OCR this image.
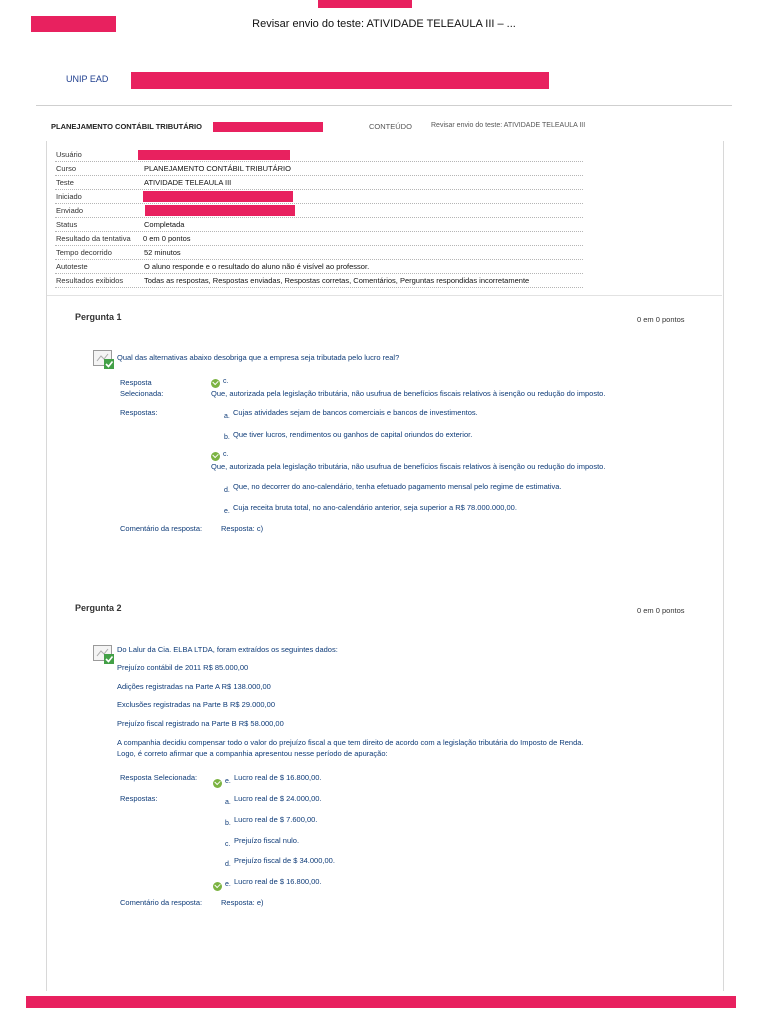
Revisar envio do teste: ATIVIDADE TELEAULA III – ...
UNIP EAD
PLANEJAMENTO CONTÁBIL TRIBUTÁRIO	CONTEÚDO	Revisar envio do teste: ATIVIDADE TELEAULA III
Usuário
Curso	PLANEJAMENTO CONTÁBIL TRIBUTÁRIO
Teste	ATIVIDADE TELEAULA III
Iniciado
Enviado
Status	Completada
Resultado da tentativa 0 em 0 pontos
Tempo decorrido	52 minutos
Autoteste	O aluno responde e o resultado do aluno não é visível ao professor.
Resultados exibidos	Todas as respostas, Respostas enviadas, Respostas corretas, Comentários, Perguntas respondidas incorretamente
Pergunta 1	0 em 0 pontos
Qual das alternativas abaixo desobriga que a empresa seja tributada pelo lucro real?
Resposta
Selecionada:
c.
Que, autorizada pela legislação tributária, não usufrua de benefícios fiscais relativos à isenção ou redução do imposto.
Respostas:	a. Cujas atividades sejam de bancos comerciais e bancos de investimentos.
b. Que tiver lucros, rendimentos ou ganhos de capital oriundos do exterior.
c.
Que, autorizada pela legislação tributária, não usufrua de benefícios fiscais relativos à isenção ou redução do imposto.
d. Que, no decorrer do ano-calendário, tenha efetuado pagamento mensal pelo regime de estimativa.
e. Cuja receita bruta total, no ano-calendário anterior, seja superior a R$ 78.000.000,00.
Comentário da resposta:	Resposta: c)
Pergunta 2	0 em 0 pontos
Do Lalur da Cia. ELBA LTDA, foram extraídos os seguintes dados:
Prejuízo contábil de 2011 R$ 85.000,00
Adições registradas na Parte A R$ 138.000,00
Exclusões registradas na Parte B R$ 29.000,00
Prejuízo fiscal registrado na Parte B R$ 58.000,00
A companhia decidiu compensar todo o valor do prejuízo fiscal a que tem direito de acordo com a legislação tributária do Imposto de Renda.
Logo, é correto afirmar que a companhia apresentou nesse período de apuração:
Resposta Selecionada:	e. Lucro real de $ 16.800,00.
Respostas:	a. Lucro real de $ 24.000,00.
b. Lucro real de $ 7.600,00.
c. Prejuízo fiscal nulo.
d. Prejuízo fiscal de $ 34.000,00.
e. Lucro real de $ 16.800,00.
Comentário da resposta:	Resposta: e)
